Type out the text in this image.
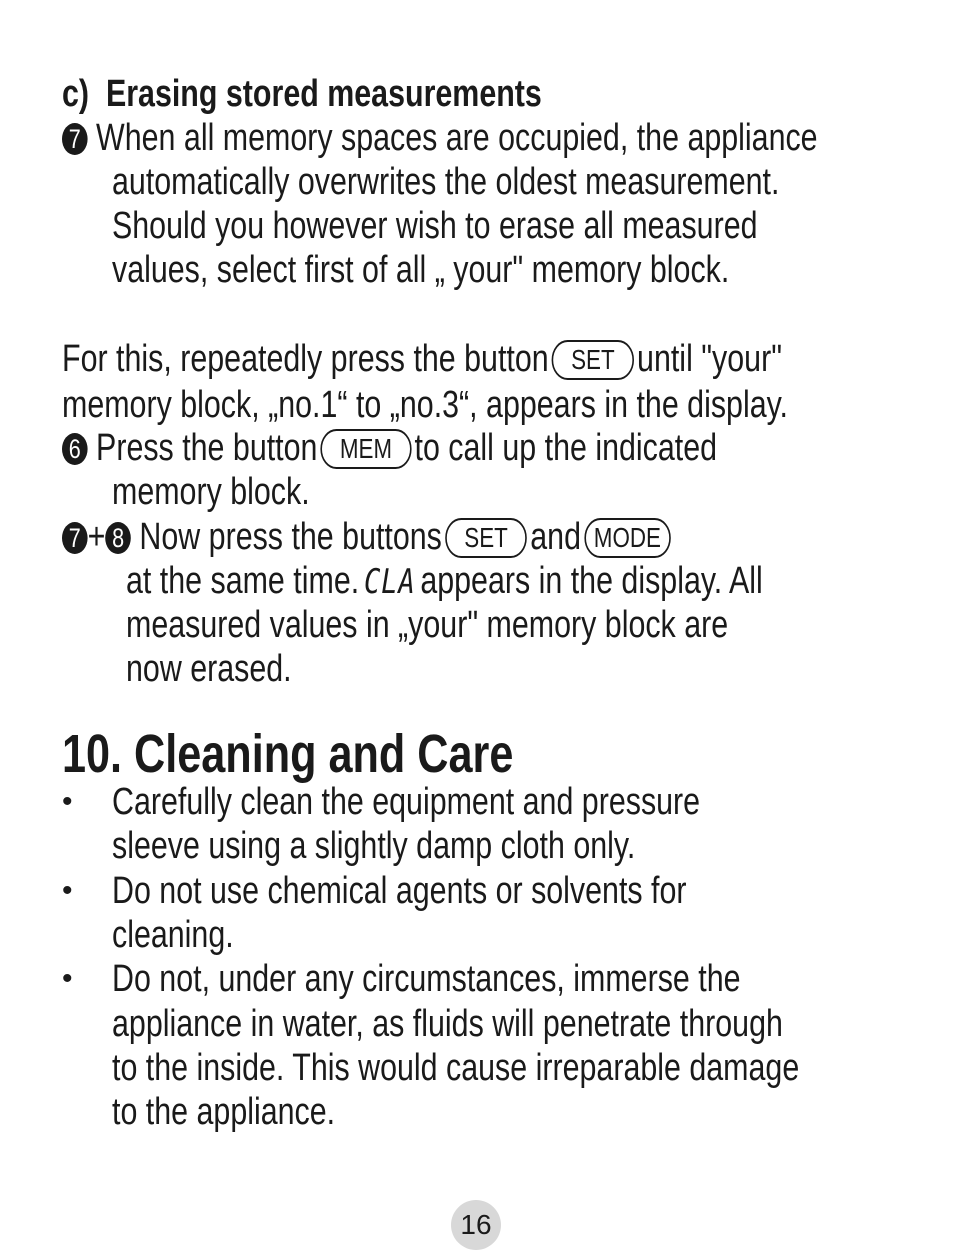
c) Erasing stored measurements
7 When all memory spaces are occupied, the appliance
automatically overwrites the oldest measurement.
Should you however wish to erase all measured
values, select first of all „ your" memory block.
For this, repeatedly press the button SET until "your"
memory block, „no.1“ to „no.3“, appears in the display.
6 Press the button MEM to call up the indicated
memory block.
7 + 8 Now press the buttons SET and MODE
at the same time. CLA appears in the display. All
measured values in „your" memory block are
now erased.
10. Cleaning and Care
• Carefully clean the equipment and pressure
sleeve using a slightly damp cloth only.
• Do not use chemical agents or solvents for
cleaning.
• Do not, under any circumstances, immerse the
appliance in water, as fluids will penetrate through
to the inside. This would cause irreparable damage
to the appliance.
16
